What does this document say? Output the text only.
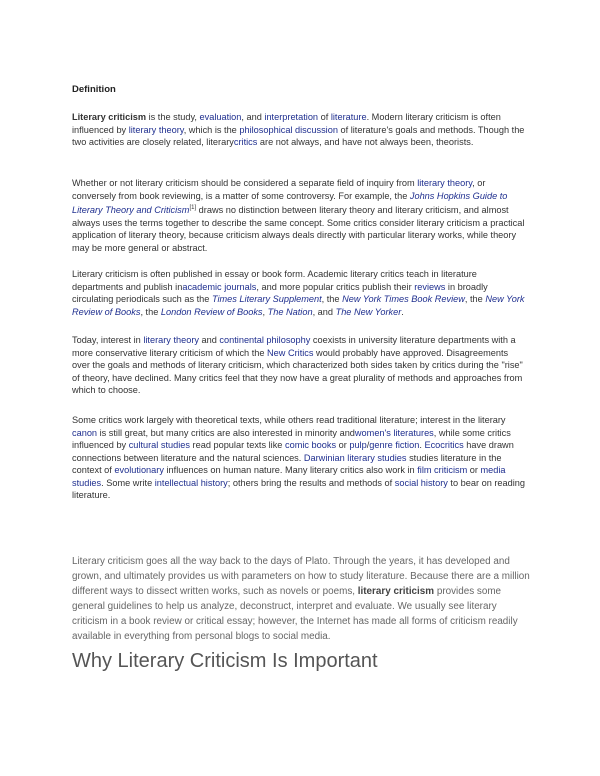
Definition

Literary criticism is the study, evaluation, and interpretation of literature. Modern literary criticism is often influenced by literary theory, which is the philosophical discussion of literature's goals and methods. Though the two activities are closely related, literarycritics are not always, and have not always been, theorists.

Whether or not literary criticism should be considered a separate field of inquiry from literary theory, or conversely from book reviewing, is a matter of some controversy. For example, the Johns Hopkins Guide to Literary Theory and Criticism[1] draws no distinction between literary theory and literary criticism, and almost always uses the terms together to describe the same concept. Some critics consider literary criticism a practical application of literary theory, because criticism always deals directly with particular literary works, while theory may be more general or abstract.

Literary criticism is often published in essay or book form. Academic literary critics teach in literature departments and publish inacademic journals, and more popular critics publish their reviews in broadly circulating periodicals such as the Times Literary Supplement, the New York Times Book Review, the New York Review of Books, the London Review of Books, The Nation, and The New Yorker.

Today, interest in literary theory and continental philosophy coexists in university literature departments with a more conservative literary criticism of which the New Critics would probably have approved. Disagreements over the goals and methods of literary criticism, which characterized both sides taken by critics during the "rise" of theory, have declined. Many critics feel that they now have a great plurality of methods and approaches from which to choose.

Some critics work largely with theoretical texts, while others read traditional literature; interest in the literary canon is still great, but many critics are also interested in minority andwomen's literatures, while some critics influenced by cultural studies read popular texts like comic books or pulp/genre fiction. Ecocritics have drawn connections between literature and the natural sciences. Darwinian literary studies studies literature in the context of evolutionary influences on human nature. Many literary critics also work in film criticism or media studies. Some write intellectual history; others bring the results and methods of social history to bear on reading literature.

Literary criticism goes all the way back to the days of Plato. Through the years, it has developed and grown, and ultimately provides us with parameters on how to study literature. Because there are a million different ways to dissect written works, such as novels or poems, literary criticism provides some general guidelines to help us analyze, deconstruct, interpret and evaluate. We usually see literary criticism in a book review or critical essay; however, the Internet has made all forms of criticism readily available in everything from personal blogs to social media.

Why Literary Criticism Is Important
